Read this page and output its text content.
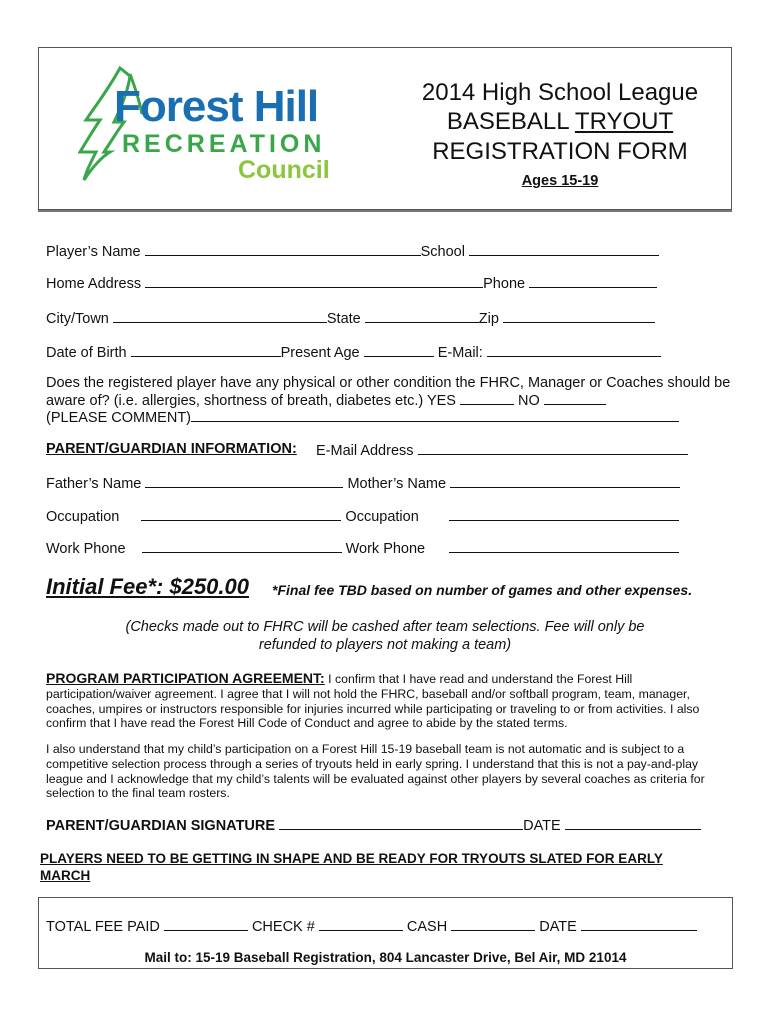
Forest Hill
RECREATION
Council
2014 High School League
BASEBALL TRYOUT
REGISTRATION FORM
Ages 15-19
Player’s Name	School
Home Address	Phone
City/Town	State	Zip
Date of Birth	Present Age	E-Mail:
Does the registered player have any physical or other condition the FHRC, Manager or Coaches should be
aware of? (i.e. allergies, shortness of breath, diabetes etc.) YES	NO
(PLEASE COMMENT)
PARENT/GUARDIAN INFORMATION: E-Mail Address
Father’s Name	Mother’s Name
Occupation	Occupation
Work Phone	Work Phone
Initial Fee*: $250.00 *Final fee TBD based on number of games and other expenses.
(Checks made out to FHRC will be cashed after team selections. Fee will only be
refunded to players not making a team)
PROGRAM PARTICIPATION AGREEMENT: I confirm that I have read and understand the Forest Hill participation/waiver agreement. I agree that I will not hold the FHRC, baseball and/or softball program, team, manager, coaches, umpires or instructors responsible for injuries incurred while participating or traveling to or from activities. I also confirm that I have read the Forest Hill Code of Conduct and agree to abide by the stated terms.
I also understand that my child’s participation on a Forest Hill 15-19 baseball team is not automatic and is subject to a competitive selection process through a series of tryouts held in early spring. I understand that this is not a pay-and-play league and I acknowledge that my child’s talents will be evaluated against other players by several coaches as criteria for selection to the final team rosters.
PARENT/GUARDIAN SIGNATURE	DATE
PLAYERS NEED TO BE GETTING IN SHAPE AND BE READY FOR TRYOUTS SLATED FOR EARLY MARCH
TOTAL FEE PAID	CHECK #	CASH	DATE
Mail to: 15-19 Baseball Registration, 804 Lancaster Drive, Bel Air, MD 21014
